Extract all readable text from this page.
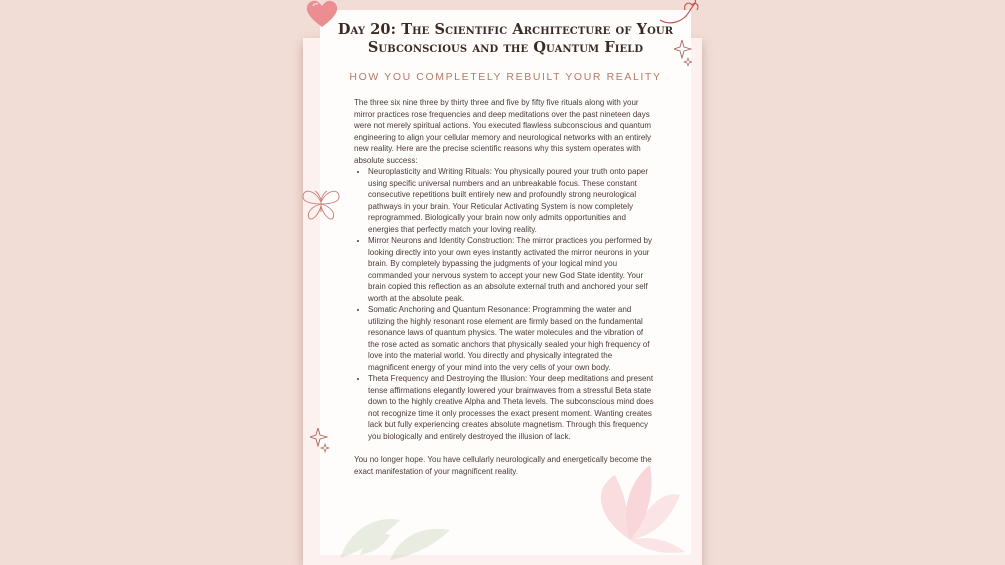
Day 20: The Scientific Architecture of Your
Subconscious and the Quantum Field
HOW YOU COMPLETELY REBUILT YOUR REALITY

The three six nine three by thirty three and five by fifty five rituals along with your mirror practices rose frequencies and deep meditations over the past nineteen days were not merely spiritual actions. You executed flawless subconscious and quantum engineering to align your cellular memory and neurological networks with an entirely new reality. Here are the precise scientific reasons why this system operates with absolute success:

• Neuroplasticity and Writing Rituals: You physically poured your truth onto paper using specific universal numbers and an unbreakable focus. These constant consecutive repetitions built entirely new and profoundly strong neurological pathways in your brain. Your Reticular Activating System is now completely reprogrammed. Biologically your brain now only admits opportunities and energies that perfectly match your loving reality.
• Mirror Neurons and Identity Construction: The mirror practices you performed by looking directly into your own eyes instantly activated the mirror neurons in your brain. By completely bypassing the judgments of your logical mind you commanded your nervous system to accept your new God State identity. Your brain copied this reflection as an absolute external truth and anchored your self worth at the absolute peak.
• Somatic Anchoring and Quantum Resonance: Programming the water and utilizing the highly resonant rose element are firmly based on the fundamental resonance laws of quantum physics. The water molecules and the vibration of the rose acted as somatic anchors that physically sealed your high frequency of love into the material world. You directly and physically integrated the magnificent energy of your mind into the very cells of your own body.
• Theta Frequency and Destroying the Illusion: Your deep meditations and present tense affirmations elegantly lowered your brainwaves from a stressful Beta state down to the highly creative Alpha and Theta levels. The subconscious mind does not recognize time it only processes the exact present moment. Wanting creates lack but fully experiencing creates absolute magnetism. Through this frequency you biologically and entirely destroyed the illusion of lack.

You no longer hope. You have cellularly neurologically and energetically become the exact manifestation of your magnificent reality.
